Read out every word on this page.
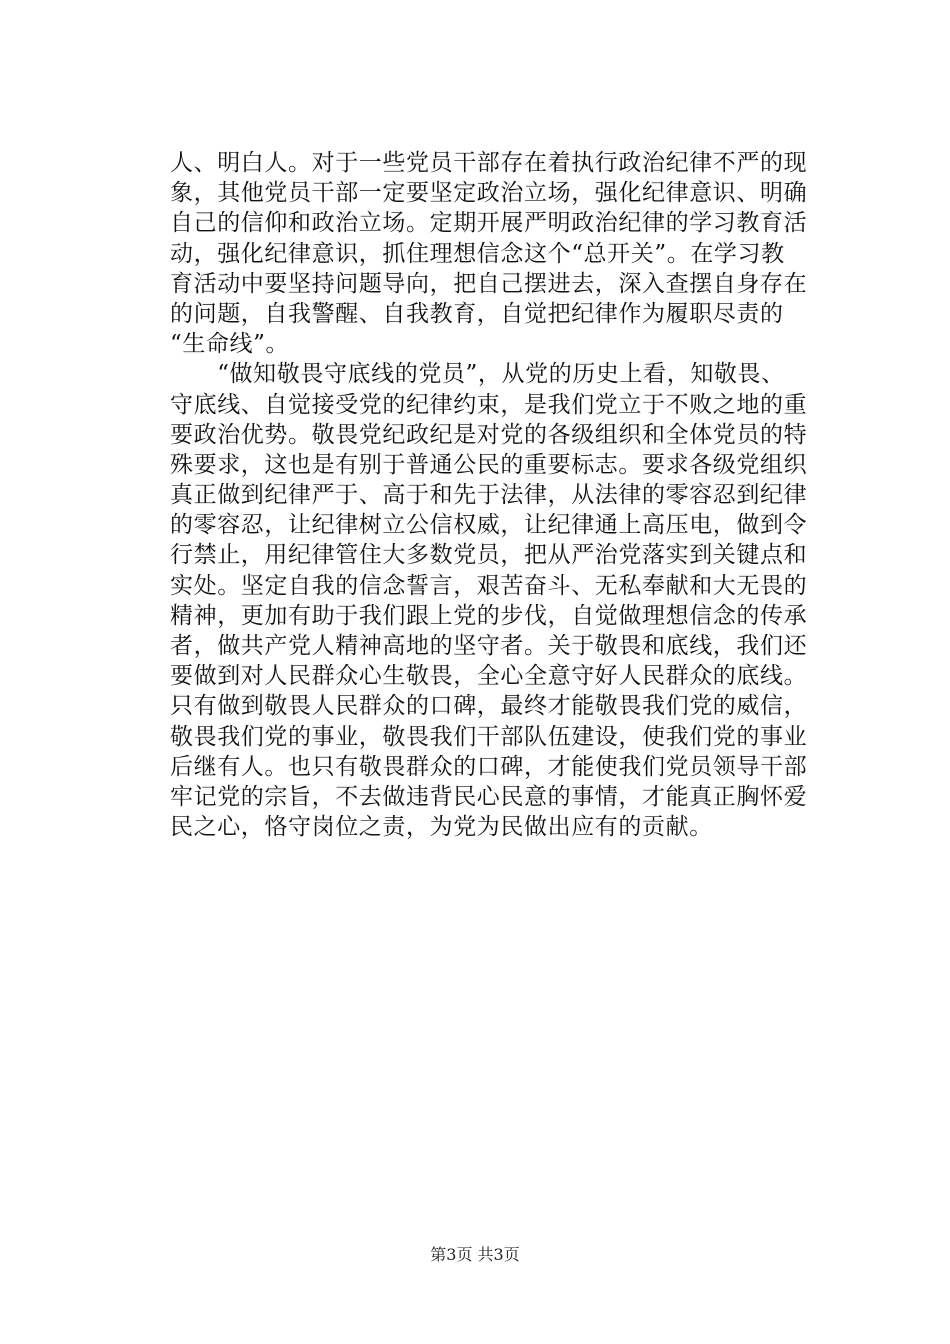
人、明白人。对于一些党员干部存在着执行政治纪律不严的现
象，其他党员干部一定要坚定政治立场，强化纪律意识、明确
自己的信仰和政治立场。定期开展严明政治纪律的学习教育活
动，强化纪律意识，抓住理想信念这个“总开关”。在学习教
育活动中要坚持问题导向，把自己摆进去，深入查摆自身存在
的问题，自我警醒、自我教育，自觉把纪律作为履职尽责的
“生命线”。
　　“做知敬畏守底线的党员”，从党的历史上看，知敬畏、
守底线、自觉接受党的纪律约束，是我们党立于不败之地的重
要政治优势。敬畏党纪政纪是对党的各级组织和全体党员的特
殊要求，这也是有别于普通公民的重要标志。要求各级党组织
真正做到纪律严于、高于和先于法律，从法律的零容忍到纪律
的零容忍，让纪律树立公信权威，让纪律通上高压电，做到令
行禁止，用纪律管住大多数党员，把从严治党落实到关键点和
实处。坚定自我的信念誓言，艰苦奋斗、无私奉献和大无畏的
精神，更加有助于我们跟上党的步伐，自觉做理想信念的传承
者，做共产党人精神高地的坚守者。关于敬畏和底线，我们还
要做到对人民群众心生敬畏，全心全意守好人民群众的底线。
只有做到敬畏人民群众的口碑，最终才能敬畏我们党的威信，
敬畏我们党的事业，敬畏我们干部队伍建设，使我们党的事业
后继有人。也只有敬畏群众的口碑，才能使我们党员领导干部
牢记党的宗旨，不去做违背民心民意的事情，才能真正胸怀爱
民之心，恪守岗位之责，为党为民做出应有的贡献。
第3页 共3页
